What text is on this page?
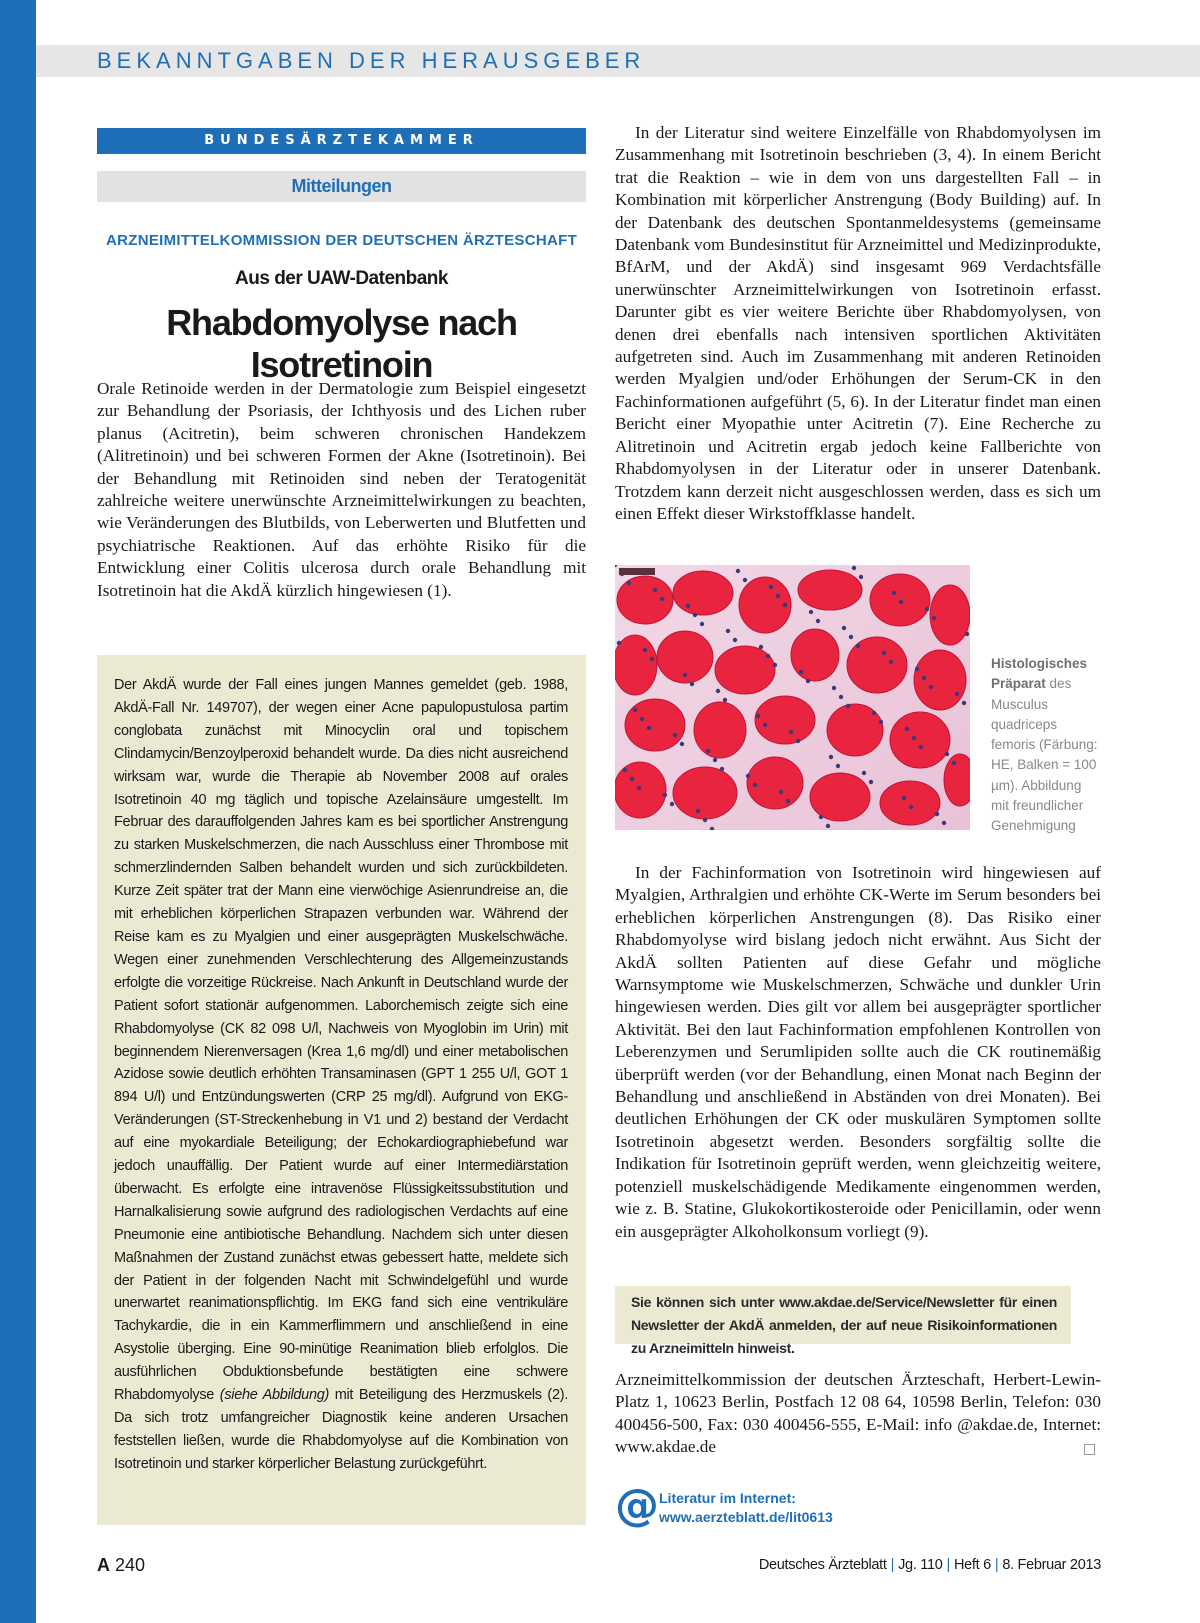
BEKANNTGABEN DER HERAUSGEBER
BUNDESÄRZTEKAMMER
Mitteilungen
ARZNEIMITTELKOMMISSION DER DEUTSCHEN ÄRZTESCHAFT
Aus der UAW-Datenbank
Rhabdomyolyse nach Isotretinoin

Orale Retinoide werden in der Dermatologie zum Beispiel eingesetzt zur Behandlung der Psoriasis, der Ichthyosis und des Lichen ruber planus (Acitretin), beim schweren chronischen Handekzem (Alitretinoin) und bei schweren Formen der Akne (Isotretinoin). Bei der Behandlung mit Retinoiden sind neben der Teratogenität zahlreiche weitere unerwünschte Arzneimittelwirkungen zu beachten, wie Veränderungen des Blutbilds, von Leberwerten und Blutfetten und psychiatrische Reaktionen. Auf das erhöhte Risiko für die Entwicklung einer Colitis ulcerosa durch orale Behandlung mit Isotretinoin hat die AkdÄ kürzlich hingewiesen (1).

Der AkdÄ wurde der Fall eines jungen Mannes gemeldet (geb. 1988, AkdÄ-Fall Nr. 149707), der wegen einer Acne papulopustulosa partim conglobata zunächst mit Minocyclin oral und topischem Clindamycin/Benzoylperoxid behandelt wurde. Da dies nicht ausreichend wirksam war, wurde die Therapie ab November 2008 auf orales Isotretinoin 40 mg täglich und topische Azelainsäure umgestellt. Im Februar des darauffolgenden Jahres kam es bei sportlicher Anstrengung zu starken Muskelschmerzen, die nach Ausschluss einer Thrombose mit schmerzlindernden Salben behandelt wurden und sich zurückbildeten. Kurze Zeit später trat der Mann eine vierwöchige Asienrundreise an, die mit erheblichen körperlichen Strapazen verbunden war. Während der Reise kam es zu Myalgien und einer ausgeprägten Muskelschwäche. Wegen einer zunehmenden Verschlechterung des Allgemeinzustands erfolgte die vorzeitige Rückreise. Nach Ankunft in Deutschland wurde der Patient sofort stationär aufgenommen. Laborchemisch zeigte sich eine Rhabdomyolyse (CK 82 098 U/l, Nachweis von Myoglobin im Urin) mit beginnendem Nierenversagen (Krea 1,6 mg/dl) und einer metabolischen Azidose sowie deutlich erhöhten Transaminasen (GPT 1 255 U/l, GOT 1 894 U/l) und Entzündungswerten (CRP 25 mg/dl). Aufgrund von EKG-Veränderungen (ST-Streckenhebung in V1 und 2) bestand der Verdacht auf eine myokardiale Beteiligung; der Echokardiographiebefund war jedoch unauffällig. Der Patient wurde auf einer Intermediärstation überwacht. Es erfolgte eine intravenöse Flüssigkeitssubstitution und Harnalkalisierung sowie aufgrund des radiologischen Verdachts auf eine Pneumonie eine antibiotische Behandlung. Nachdem sich unter diesen Maßnahmen der Zustand zunächst etwas gebessert hatte, meldete sich der Patient in der folgenden Nacht mit Schwindelgefühl und wurde unerwartet reanimationspflichtig. Im EKG fand sich eine ventrikuläre Tachykardie, die in ein Kammerflimmern und anschließend in eine Asystolie überging. Eine 90-minütige Reanimation blieb erfolglos. Die ausführlichen Obduktionsbefunde bestätigten eine schwere Rhabdomyolyse (siehe Abbildung) mit Beteiligung des Herzmuskels (2). Da sich trotz umfangreicher Diagnostik keine anderen Ursachen feststellen ließen, wurde die Rhabdomyolyse auf die Kombination von Isotretinoin und starker körperlicher Belastung zurückgeführt.

In der Literatur sind weitere Einzelfälle von Rhabdomyolysen im Zusammenhang mit Isotretinoin beschrieben (3, 4). In einem Bericht trat die Reaktion – wie in dem von uns dargestellten Fall – in Kombination mit körperlicher Anstrengung (Body Building) auf. In der Datenbank des deutschen Spontanmeldesystems (gemeinsame Datenbank vom Bundesinstitut für Arzneimittel und Medizinprodukte, BfArM, und der AkdÄ) sind insgesamt 969 Verdachtsfälle unerwünschter Arzneimittelwirkungen von Isotretinoin erfasst. Darunter gibt es vier weitere Berichte über Rhabdomyolysen, von denen drei ebenfalls nach intensiven sportlichen Aktivitäten aufgetreten sind. Auch im Zusammenhang mit anderen Retinoiden werden Myalgien und/oder Erhöhungen der Serum-CK in den Fachinformationen aufgeführt (5, 6). In der Literatur findet man einen Bericht einer Myopathie unter Acitretin (7). Eine Recherche zu Alitretinoin und Acitretin ergab jedoch keine Fallberichte von Rhabdomyolysen in der Literatur oder in unserer Datenbank. Trotzdem kann derzeit nicht ausgeschlossen werden, dass es sich um einen Effekt dieser Wirkstoffklasse handelt.

Histologisches Präparat des Musculus quadriceps femoris (Färbung: HE, Balken = 100 µm). Abbildung mit freundlicher Genehmigung

In der Fachinformation von Isotretinoin wird hingewiesen auf Myalgien, Arthralgien und erhöhte CK-Werte im Serum besonders bei erheblichen körperlichen Anstrengungen (8). Das Risiko einer Rhabdomyolyse wird bislang jedoch nicht erwähnt. Aus Sicht der AkdÄ sollten Patienten auf diese Gefahr und mögliche Warnsymptome wie Muskelschmerzen, Schwäche und dunkler Urin hingewiesen werden. Dies gilt vor allem bei ausgeprägter sportlicher Aktivität. Bei den laut Fachinformation empfohlenen Kontrollen von Leberenzymen und Serumlipiden sollte auch die CK routinemäßig überprüft werden (vor der Behandlung, einen Monat nach Beginn der Behandlung und anschließend in Abständen von drei Monaten). Bei deutlichen Erhöhungen der CK oder muskulären Symptomen sollte Isotretinoin abgesetzt werden. Besonders sorgfältig sollte die Indikation für Isotretinoin geprüft werden, wenn gleichzeitig weitere, potenziell muskelschädigende Medikamente eingenommen werden, wie z. B. Statine, Glukokortikosteroide oder Penicillamin, oder wenn ein ausgeprägter Alkoholkonsum vorliegt (9).

Sie können sich unter www.akdae.de/Service/Newsletter für einen Newsletter der AkdÄ anmelden, der auf neue Risikoinformationen zu Arzneimitteln hinweist.

Arzneimittelkommission der deutschen Ärzteschaft, Herbert-Lewin-Platz 1, 10623 Berlin, Postfach 12 08 64, 10598 Berlin, Telefon: 030 400456-500, Fax: 030 400456-555, E-Mail: info @akdae.de, Internet: www.akdae.de

@ Literatur im Internet:
www.aerzteblatt.de/lit0613
A 240	Deutsches Ärzteblatt | Jg. 110 | Heft 6 | 8. Februar 2013
